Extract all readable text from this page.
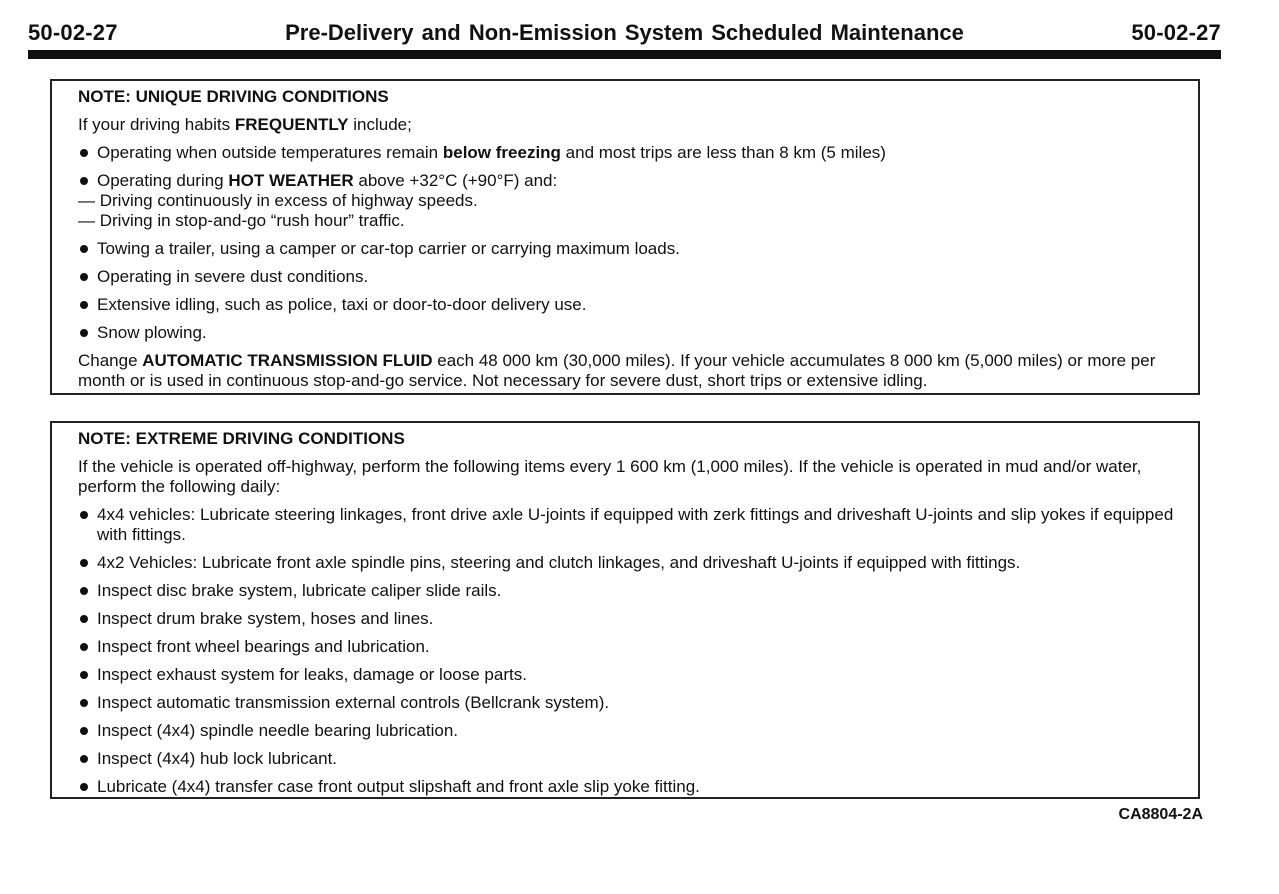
50-02-27	Pre-Delivery and Non-Emission System Scheduled Maintenance	50-02-27
NOTE: UNIQUE DRIVING CONDITIONS
If your driving habits FREQUENTLY include;
Operating when outside temperatures remain below freezing and most trips are less than 8 km (5 miles)
Operating during HOT WEATHER above +32°C (+90°F) and:
— Driving continuously in excess of highway speeds.
— Driving in stop-and-go “rush hour” traffic.
Towing a trailer, using a camper or car-top carrier or carrying maximum loads.
Operating in severe dust conditions.
Extensive idling, such as police, taxi or door-to-door delivery use.
Snow plowing.
Change AUTOMATIC TRANSMISSION FLUID each 48 000 km (30,000 miles). If your vehicle accumulates 8 000 km (5,000 miles) or more per month or is used in continuous stop-and-go service. Not necessary for severe dust, short trips or extensive idling.
NOTE: EXTREME DRIVING CONDITIONS
If the vehicle is operated off-highway, perform the following items every 1 600 km (1,000 miles). If the vehicle is operated in mud and/or water, perform the following daily:
4x4 vehicles: Lubricate steering linkages, front drive axle U-joints if equipped with zerk fittings and driveshaft U-joints and slip yokes if equipped with fittings.
4x2 Vehicles: Lubricate front axle spindle pins, steering and clutch linkages, and driveshaft U-joints if equipped with fittings.
Inspect disc brake system, lubricate caliper slide rails.
Inspect drum brake system, hoses and lines.
Inspect front wheel bearings and lubrication.
Inspect exhaust system for leaks, damage or loose parts.
Inspect automatic transmission external controls (Bellcrank system).
Inspect (4x4) spindle needle bearing lubrication.
Inspect (4x4) hub lock lubricant.
Lubricate (4x4) transfer case front output slipshaft and front axle slip yoke fitting.
CA8804-2A
